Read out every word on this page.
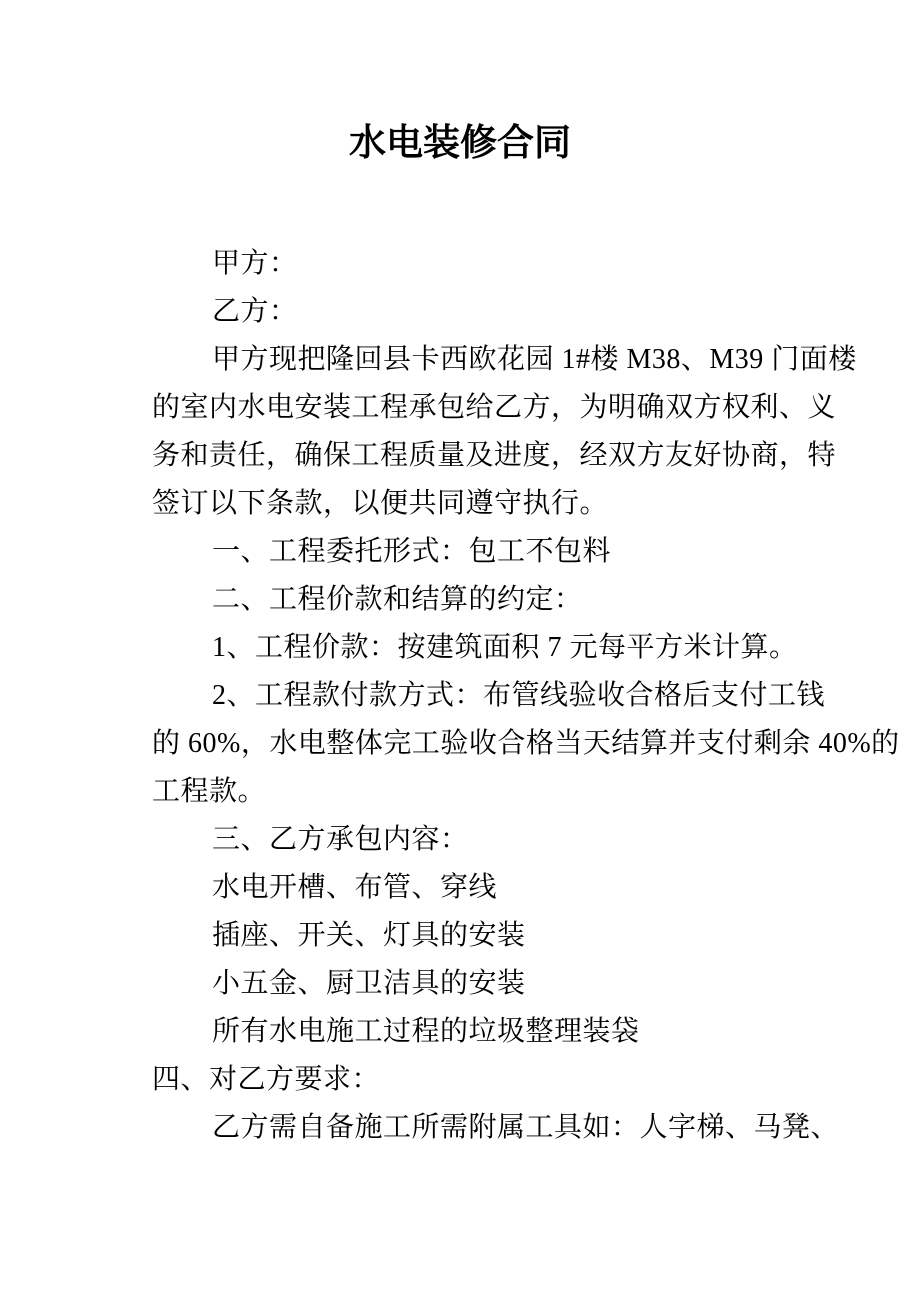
水电装修合同
甲方：
乙方：
甲方现把隆回县卡西欧花园 1#楼 M38、M39 门面楼
的室内水电安装工程承包给乙方，为明确双方权利、义
务和责任，确保工程质量及进度，经双方友好协商，特
签订以下条款，以便共同遵守执行。
一、工程委托形式：包工不包料
二、工程价款和结算的约定：
1、工程价款：按建筑面积 7 元每平方米计算。
2、工程款付款方式：布管线验收合格后支付工钱
的 60%，水电整体完工验收合格当天结算并支付剩余 40%的
工程款。
三、乙方承包内容：
水电开槽、布管、穿线
插座、开关、灯具的安装
小五金、厨卫洁具的安装
所有水电施工过程的垃圾整理装袋
四、对乙方要求：
乙方需自备施工所需附属工具如：人字梯、马凳、
